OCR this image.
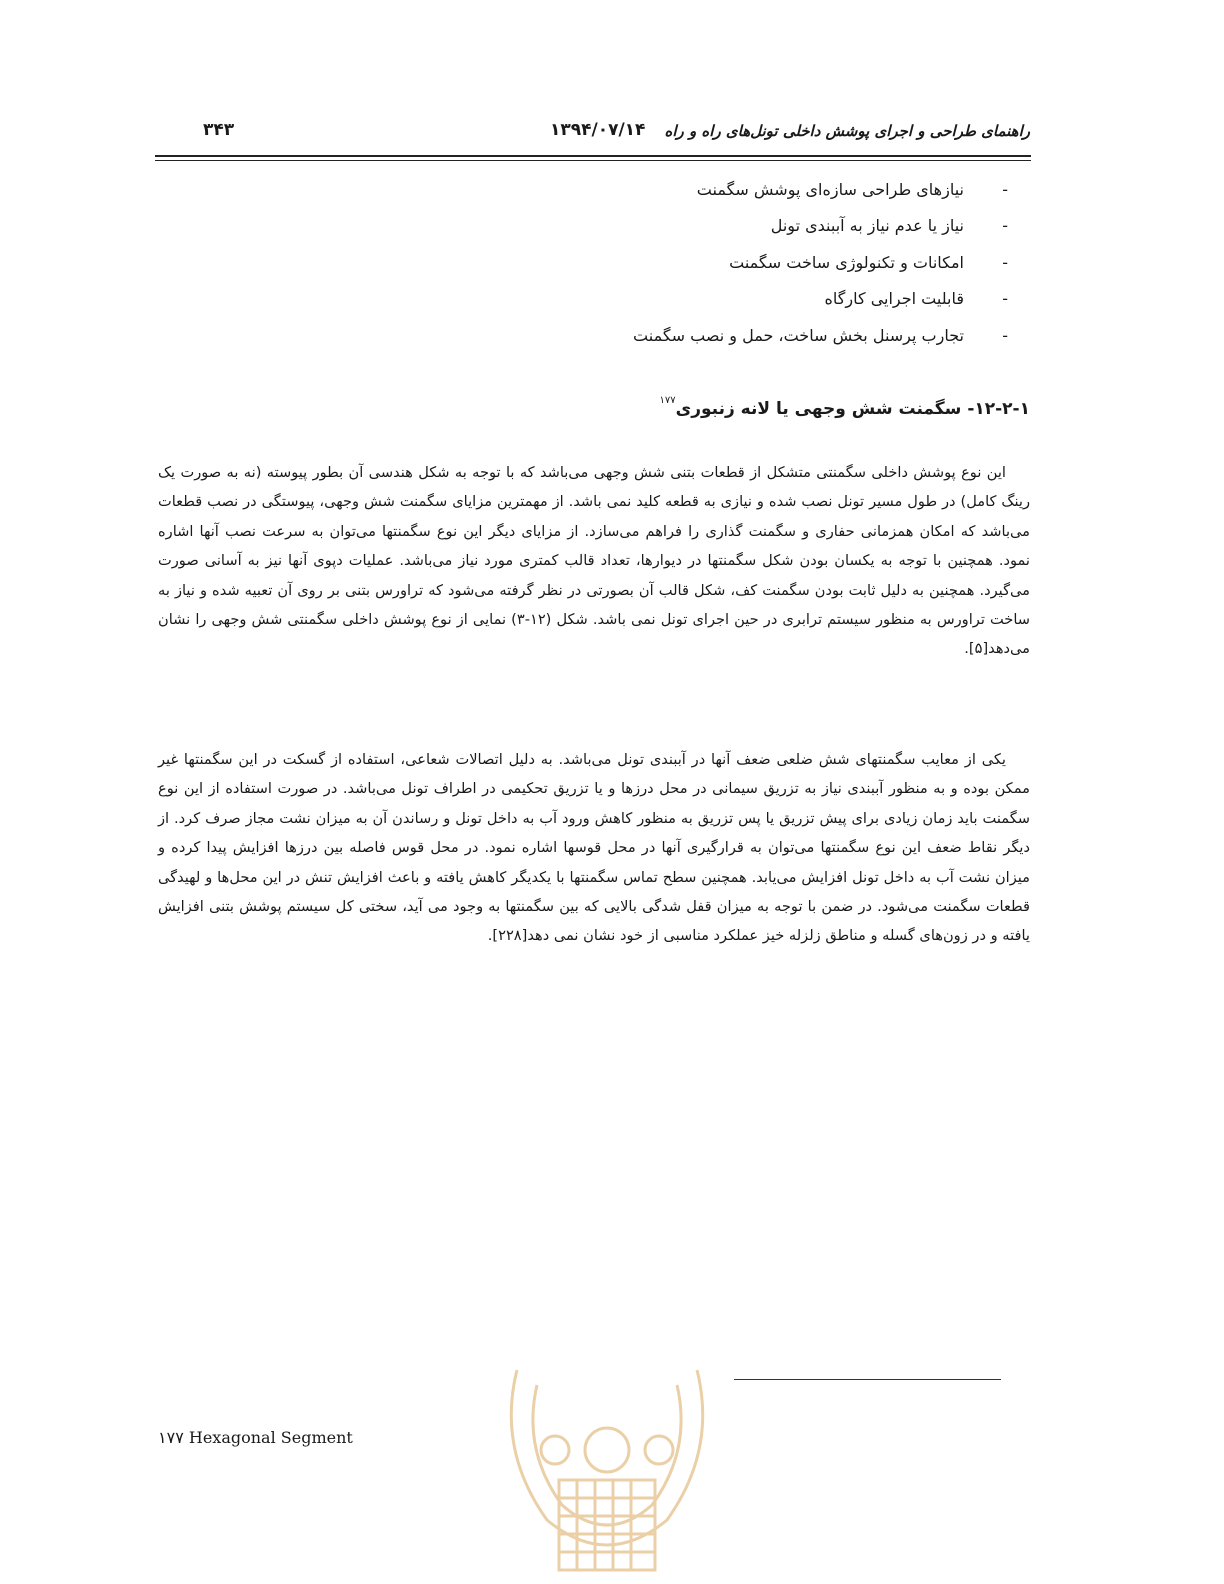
راهنمای طراحی و اجرای پوشش داخلی تونل‌های راه و راه
۱۳۹۴/۰۷/۱۴
۳۴۳
-نیازهای طراحی سازه‌ای پوشش سگمنت
-نیاز یا عدم نیاز به آببندی تونل
-امکانات و تکنولوژی ساخت سگمنت
-قابلیت اجرایی کارگاه
-تجارب پرسنل بخش ساخت، حمل و نصب سگمنت
۱۲-۲-۱- سگمنت شش وجهی یا لانه زنبوری$^{۱۷۷}$

این نوع پوشش داخلی سگمنتی متشکل از قطعات بتنی شش وجهی می‌باشد که با توجه به شکل هندسی آن بطور پیوسته (نه به صورت یک رینگ کامل) در طول مسیر تونل نصب شده و نیازی به قطعه کلید نمی باشد. از مهمترین مزایای سگمنت شش وجهی، پیوستگی در نصب قطعات می‌باشد که امکان همزمانی حفاری و سگمنت گذاری را فراهم می‌سازد. از مزایای دیگر این نوع سگمنتها می‌توان به سرعت نصب آنها اشاره نمود. همچنین با توجه به یکسان بودن شکل سگمنتها در دیوارها، تعداد قالب کمتری مورد نیاز می‌باشد. عملیات دپوی آنها نیز به آسانی صورت می‌گیرد. همچنین به دلیل ثابت بودن سگمنت کف، شکل قالب آن بصورتی در نظر گرفته می‌شود که تراورس بتنی بر روی آن تعبیه شده و نیاز به ساخت تراورس به منظور سیستم ترابری در حین اجرای تونل نمی باشد. شکل (۱۲-۳) نمایی از نوع پوشش داخلی سگمنتی شش وجهی را نشان می‌دهد[۵].

یکی از معایب سگمنتهای شش ضلعی ضعف آنها در آببندی تونل می‌باشد. به دلیل اتصالات شعاعی، استفاده از گسکت در این سگمنتها غیر ممکن بوده و به منظور آببندی نیاز به تزریق سیمانی در محل درزها و یا تزریق تحکیمی در اطراف تونل می‌باشد. در صورت استفاده از این نوع سگمنت باید زمان زیادی برای پیش تزریق یا پس تزریق به منظور کاهش ورود آب به داخل تونل و رساندن آن به میزان نشت مجاز صرف کرد. از دیگر نقاط ضعف این نوع سگمنتها می‌توان به قرارگیری آنها در محل قوسها اشاره نمود. در محل قوس فاصله بین درزها افزایش پیدا کرده و میزان نشت آب به داخل تونل افزایش می‌یابد. همچنین سطح تماس سگمنتها با یکدیگر کاهش یافته و باعث افزایش تنش در این محل‌ها و لهیدگی قطعات سگمنت می‌شود. در ضمن با توجه به میزان قفل شدگی بالایی که بین سگمنتها به وجود می آید، سختی کل سیستم پوشش بتنی افزایش یافته و در زون‌های گسله و مناطق زلزله خیز عملکرد مناسبی از خود نشان نمی دهد[۲۲۸].

۱۷۷ Hexagonal Segment
